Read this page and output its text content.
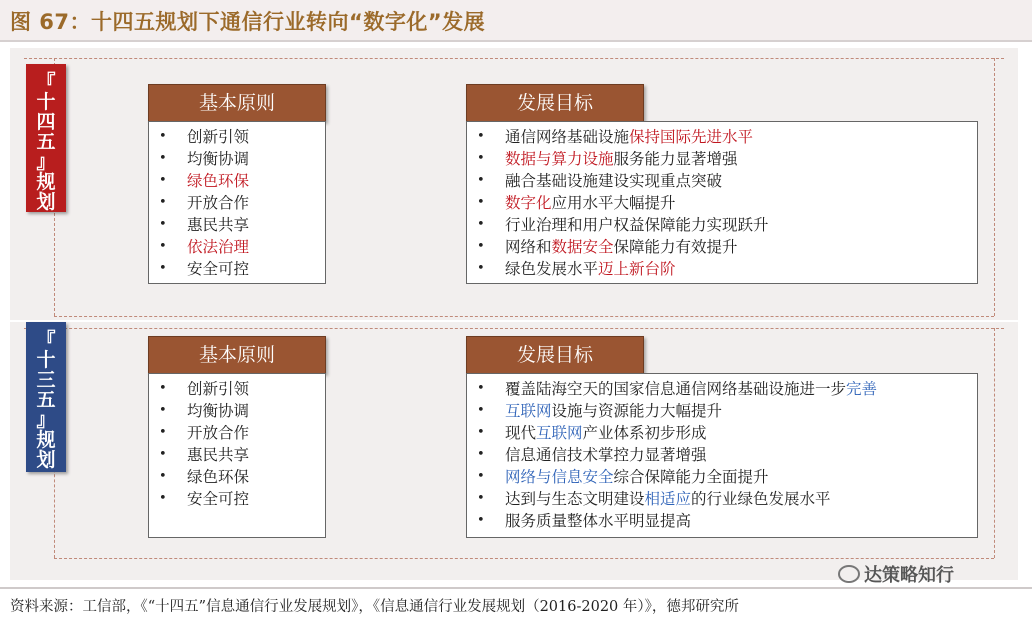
图 67：十四五规划下通信行业转向“数字化”发展
『
十
四
五
』
规
划
基本原则
• 创新引领
• 均衡协调
• 绿色环保
• 开放合作
• 惠民共享
• 依法治理
• 安全可控
发展目标
• 通信网络基础设施保持国际先进水平
• 数据与算力设施服务能力显著增强
• 融合基础设施建设实现重点突破
• 数字化应用水平大幅提升
• 行业治理和用户权益保障能力实现跃升
• 网络和数据安全保障能力有效提升
• 绿色发展水平迈上新台阶
『
十
三
五
』
规
划
基本原则
• 创新引领
• 均衡协调
• 开放合作
• 惠民共享
• 绿色环保
• 安全可控
发展目标
• 覆盖陆海空天的国家信息通信网络基础设施进一步完善
• 互联网设施与资源能力大幅提升
• 现代互联网产业体系初步形成
• 信息通信技术掌控力显著增强
• 网络与信息安全综合保障能力全面提升
• 达到与生态文明建设相适应的行业绿色发展水平
• 服务质量整体水平明显提高
达策略知行
资料来源：工信部，《“十四五”信息通信行业发展规划》，《信息通信行业发展规划（2016-2020 年）》，德邦研究所
